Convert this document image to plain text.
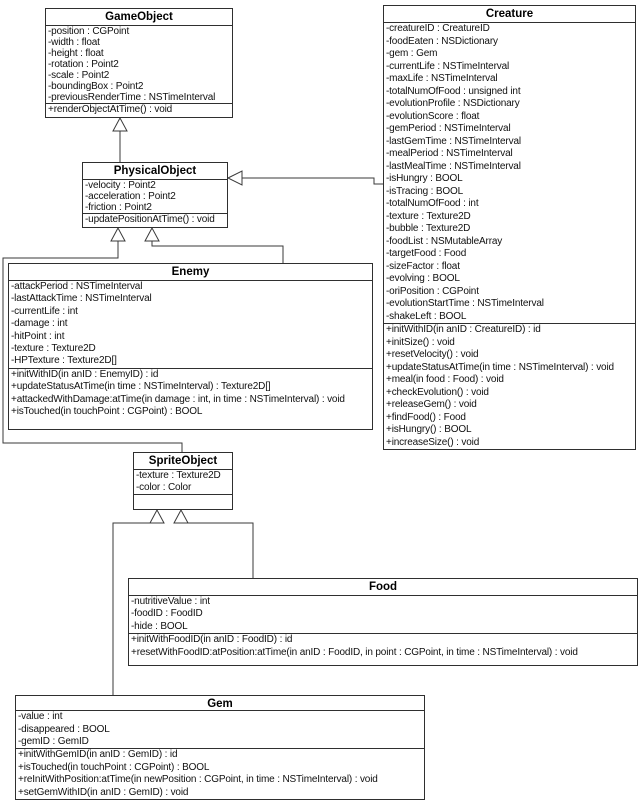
GameObject
-position : CGPoint
-width : float
-height : float
-rotation : Point2
-scale : Point2
-boundingBox : Point2
-previousRenderTime : NSTimeInterval
+renderObjectAtTime() : void
Creature
-creatureID : CreatureID
-foodEaten : NSDictionary
-gem : Gem
-currentLife : NSTimeInterval
-maxLife : NSTimeInterval
-totalNumOfFood : unsigned int
-evolutionProfile : NSDictionary
-evolutionScore : float
-gemPeriod : NSTimeInterval
-lastGemTime : NSTimeInterval
-mealPeriod : NSTimeInterval
-lastMealTime : NSTimeInterval
-isHungry : BOOL
-isTracing : BOOL
-totalNumOfFood : int
-texture : Texture2D
-bubble : Texture2D
-foodList : NSMutableArray
-targetFood : Food
-sizeFactor : float
-evolving : BOOL
-oriPosition : CGPoint
-evolutionStartTime : NSTimeInterval
-shakeLeft : BOOL
+initWithID(in anID : CreatureID) : id
+initSize() : void
+resetVelocity() : void
+updateStatusAtTime(in time : NSTimeInterval) : void
+meal(in food : Food) : void
+checkEvolution() : void
+releaseGem() : void
+findFood() : Food
+isHungry() : BOOL
+increaseSize() : void
PhysicalObject
-velocity : Point2
-acceleration : Point2
-friction : Point2
-updatePositionAtTime() : void
Enemy
-attackPeriod : NSTimeInterval
-lastAttackTime : NSTimeInterval
-currentLife : int
-damage : int
-hitPoint : int
-texture : Texture2D
-HPTexture : Texture2D[]
+initWithID(in anID : EnemyID) : id
+updateStatusAtTime(in time : NSTimeInterval) : Texture2D[]
+attackedWithDamage:atTime(in damage : int, in time : NSTimeInterval) : void
+isTouched(in touchPoint : CGPoint) : BOOL
SpriteObject
-texture : Texture2D
-color : Color
Food
-nutritiveValue : int
-foodID : FoodID
-hide : BOOL
+initWithFoodID(in anID : FoodID) : id
+resetWithFoodID:atPosition:atTime(in anID : FoodID, in point : CGPoint, in time : NSTimeInterval) : void
Gem
-value : int
-disappeared : BOOL
-gemID : GemID
+initWithGemID(in anID : GemID) : id
+isTouched(in touchPoint : CGPoint) : BOOL
+reInitWithPosition:atTime(in newPosition : CGPoint, in time : NSTimeInterval) : void
+setGemWithID(in anID : GemID) : void
